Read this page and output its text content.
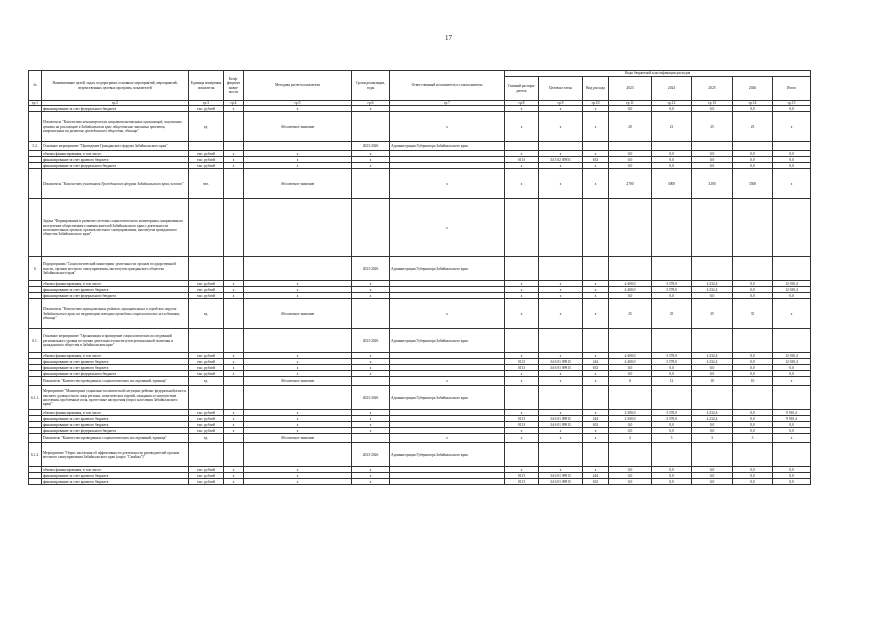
17
№	Наименование целей, задач, подпрограмм, основных мероприятий, мероприятий, ведомственных целевых программ, показателей	Единица измерения показателя	Коэф- фициент значи- мости	Методика расчета показателя	Сроки реализации, годы	Ответственный исполнитель и соисполнители	Коды бюджетной классификации расходов							
							Главный распоря- дитель	Целевая статья	Вид расхода	2023	2024	2025	2026	Итого
гр.1	гр.2	гр.3	гр.4	гр.5	гр.6	гр.7	гр.8	гр.9	гр.10	гр.11	гр.12	гр.13	гр.14	гр.15
	финансирование за счет федерального бюджета	тыс. рублей	х	х	х		х	х	х	0,0	0,0	0,0	0,0	0,0
	Показатель "Количество некоммерческих неправительственных организаций, получивших гранты на реализацию в Забайкальском крае общественно значимых проектов, направленных на развитие гражданского общества, единица"	ед.		Абсолютное значение		х	х	х	х	20	21	25	25	х
3.2.	Основное мероприятие "Проведение Гражданского форума Забайкальского края"				2023-2026	Администрация Губернатора Забайкальского края								
	объемы финансирования, в том числе:	тыс. рублей	х	х	х		х	х	х	0,0	0,0	0,0	0,0	0,0
	финансирование за счет краевого бюджета	тыс. рублей	х	х	х		0113	34 5 02 05951	633	0,0	0,0	0,0	0,0	0,0
	финансирование за счет федерального бюджета	тыс. рублей	х	х	х		х	х	х	0,0	0,0	0,0	0,0	0,0
	Показатель "Количество участников Гражданского форума Забайкальского края, человек"	чел.		Абсолютное значение		х	х	х	х	2700	3000	3200	3500	х
	Задача "Формирование и развитие системы социологического мониторинга, направленного на изучение общественного мнения жителей Забайкальского края о деятельности исполнительных органов, органов местного самоуправления, институтов гражданского общества Забайкальского края"					х								
6	Подпрограмма "Социологический мониторинг деятельности органов государственной власти, органов местного самоуправления, институтов гражданского общества Забайкальского края"				2023-2026	Администрация Губернатора Забайкальского края								
	объемы финансирования, в том числе:	тыс. рублей	х	х	х		х	х	х	4 400,0	3 378,0	4 232,4	0,0	12 010,4
	финансирование за счет краевого бюджета	тыс. рублей	х	х	х		х	х	х	4 400,0	3 378,0	4 232,4	0,0	12 010,4
	финансирование за счет федерального бюджета	тыс. рублей	х	х	х		х	х	х	0,0	0,0	0,0	0,0	0,0
	Показатель "Количество муниципальных районов, муниципальных и городских округов Забайкальского края, на территории которых проведены социологические исследования, единица"	ед.		Абсолютное значение		х	х	х	х	25	35	35	35	х
6.1.	Основное мероприятие "Организация и проведение социологических исследований регионального уровня по оценке деятельности институтов региональной политики и гражданского общества в Забайкальском крае"				2023-2026	Администрация Губернатора Забайкальского края								
	объемы финансирования, в том числе:	тыс. рублей	х	х	х		х	х	х	4 400,0	3 378,0	4 232,4	0,0	12 010,4
	финансирование за счет краевого бюджета	тыс. рублей	х	х	х		0113	34 6 01 09915	244	4 400,0	3 378,0	4 232,4	0,0	12 010,4
	финансирование за счет краевого бюджета	тыс. рублей	х	х	х		0113	34 6 01 09915	633	0,0	0,0	0,0	0,0	0,0
	финансирование за счет федерального бюджета	тыс. рублей	х	х	х		х	х	х	0,0	0,0	0,0	0,0	0,0
	Показатель "Количество проведенных социологических исследований, единица"	ед.		Абсолютное значение		х	х	х	х	6	12	10	10	х
6.1.1.	Мероприятие "Мониторинг социально-политической ситуации: рейтинг федеральной власти, высшего должностного лица региона, политических партий, ожидания и самочувствие населения, проблемные поля, протестные настроения (опрос населения Забайкальского края)"				2023-2026	Администрация Губернатора Забайкальского края								
	объемы финансирования, в том числе:	тыс. рублей	х	х	х		х	х	х	2 300,0	3 378,0	4 232,4	0,0	9 910,4
	финансирование за счет краевого бюджета	тыс. рублей	х	х	х		0113	34 6 01 09915	244	2 300,0	3 378,0	4 232,4	0,0	9 910,4
	финансирование за счет краевого бюджета	тыс. рублей	х	х	х		0113	34 6 01 09915	633	0,0	0,0	0,0	0,0	0,0
	финансирование за счет федерального бюджета	тыс. рублей	х	х	х		х	х	х	0,0	0,0	0,0	0,0	0,0
	Показатель "Количество проведенных социологических исследований, единица"	ед.		Абсолютное значение		х	х	х	х	2	3	3	3	х
6.1.2.	Мероприятие "Опрос населения об эффективности деятельности руководителей органов местного самоуправления Забайкальского края (опрос "Смайлы")"				2023-2026	Администрация Губернатора Забайкальского края								
	объемы финансирования, в том числе:	тыс. рублей	х	х	х		х	х	х	0,0	0,0	0,0	0,0	0,0
	финансирование за счет краевого бюджета	тыс. рублей	х	х	х		0113	34 6 01 09915	244	0,0	0,0	0,0	0,0	0,0
	финансирование за счет краевого бюджета	тыс. рублей	х	х	х		0113	34 6 01 09915	633	0,0	0,0	0,0	0,0	0,0
